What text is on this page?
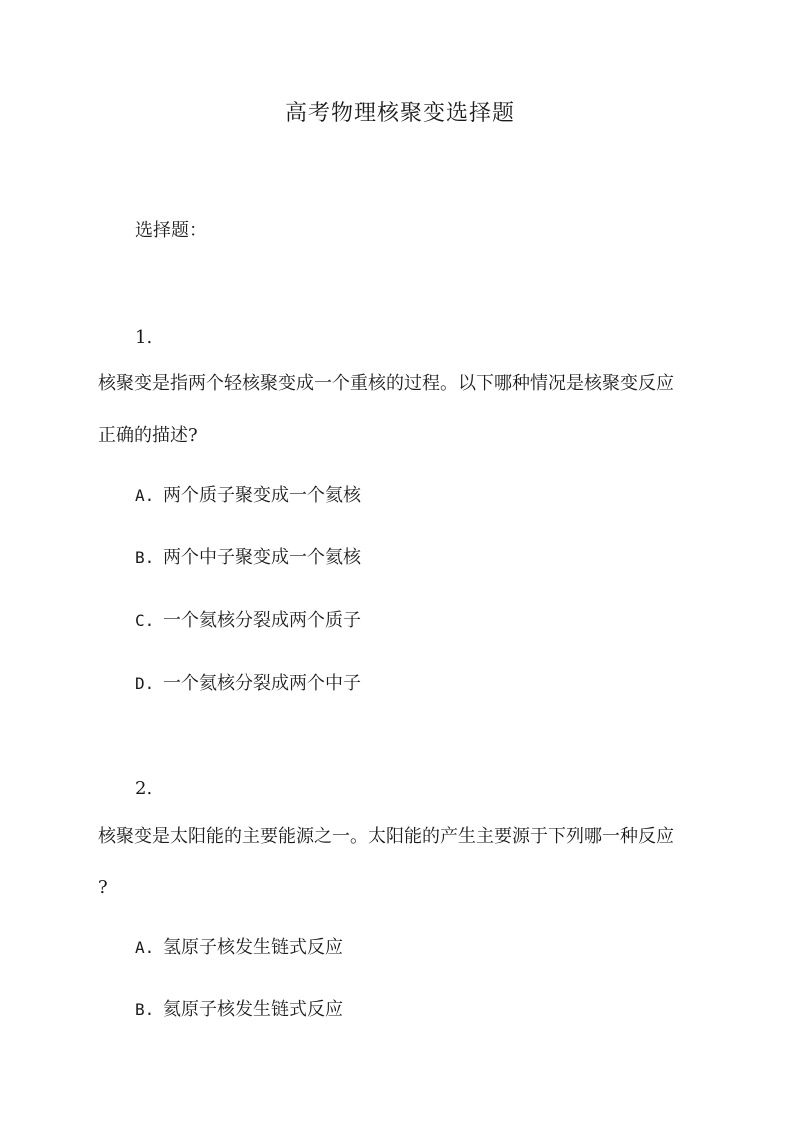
高考物理核聚变选择题
选择题：
1.
核聚变是指两个轻核聚变成一个重核的过程。以下哪种情况是核聚变反应
正确的描述?
A. 两个质子聚变成一个氦核
B. 两个中子聚变成一个氦核
C. 一个氦核分裂成两个质子
D. 一个氦核分裂成两个中子
2.
核聚变是太阳能的主要能源之一。太阳能的产生主要源于下列哪一种反应
?
A. 氢原子核发生链式反应
B. 氦原子核发生链式反应
